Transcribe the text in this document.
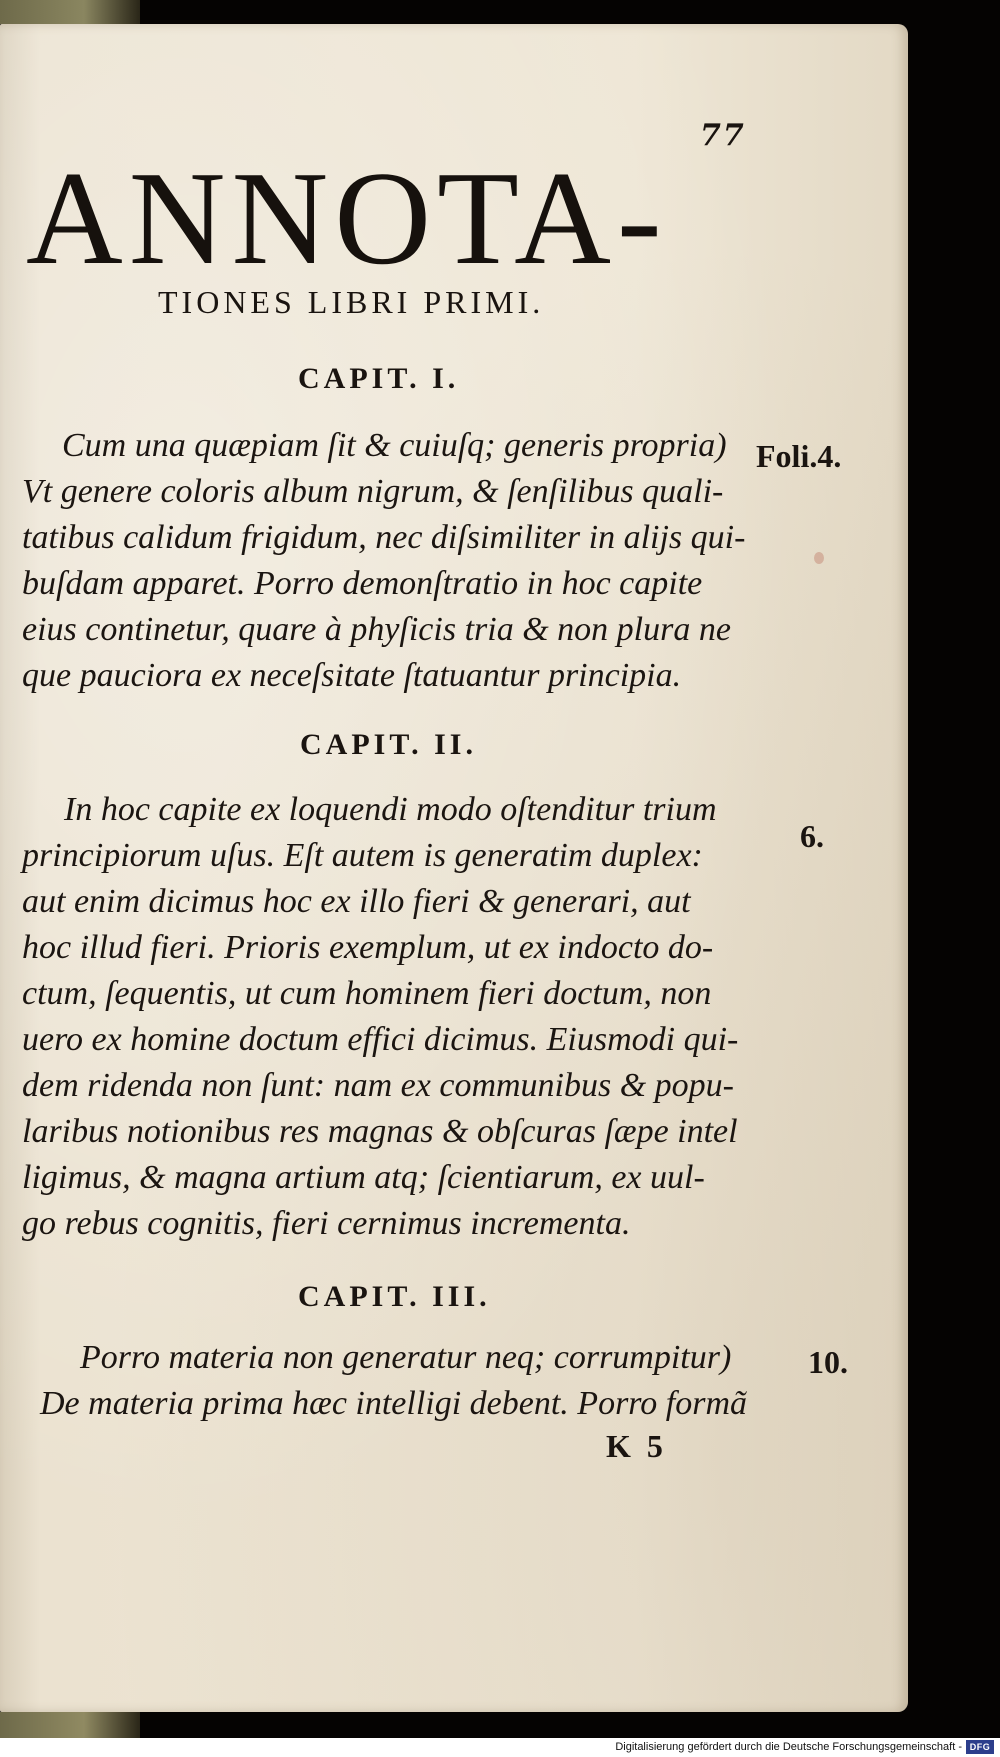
77
ANNOTA-
TIONES LIBRI PRIMI.
CAPIT. I.
Foli.4.
Cum una quæpiam ſit & cuiuſq; generis propria)
Vt genere coloris album nigrum, & ſenſilibus quali-
tatibus calidum frigidum, nec diſsimiliter in aliјs qui-
buſdam apparet. Porro demonſtratio in hoc capite
eius continetur, quare à phyſicis tria & non plura ne
que pauciora ex neceſsitate ſtatuantur principia.
CAPIT. II.
6.
In hoc capite ex loquendi modo oſtenditur trium
principiorum uſus. Eſt autem is generatim duplex:
aut enim dicimus hoc ex illo fieri & generari, aut
hoc illud fieri. Prioris exemplum, ut ex indocto do-
ctum, ſequentis, ut cum hominem fieri doctum, non
uero ex homine doctum effici dicimus. Eiusmodi qui-
dem ridenda non ſunt: nam ex communibus & popu-
laribus notionibus res magnas & obſcuras ſæpe intel
ligimus, & magna artium atq; ſcientiarum, ex uul-
go rebus cognitis, fieri cernimus incrementa.
CAPIT. III.
10.
Porro materia non generatur neq; corrumpitur)
De materia prima hæc intelligi debent. Porro formã
K 5
Digitalisierung gefördert durch die Deutsche Forschungsgemeinschaft - DFG
